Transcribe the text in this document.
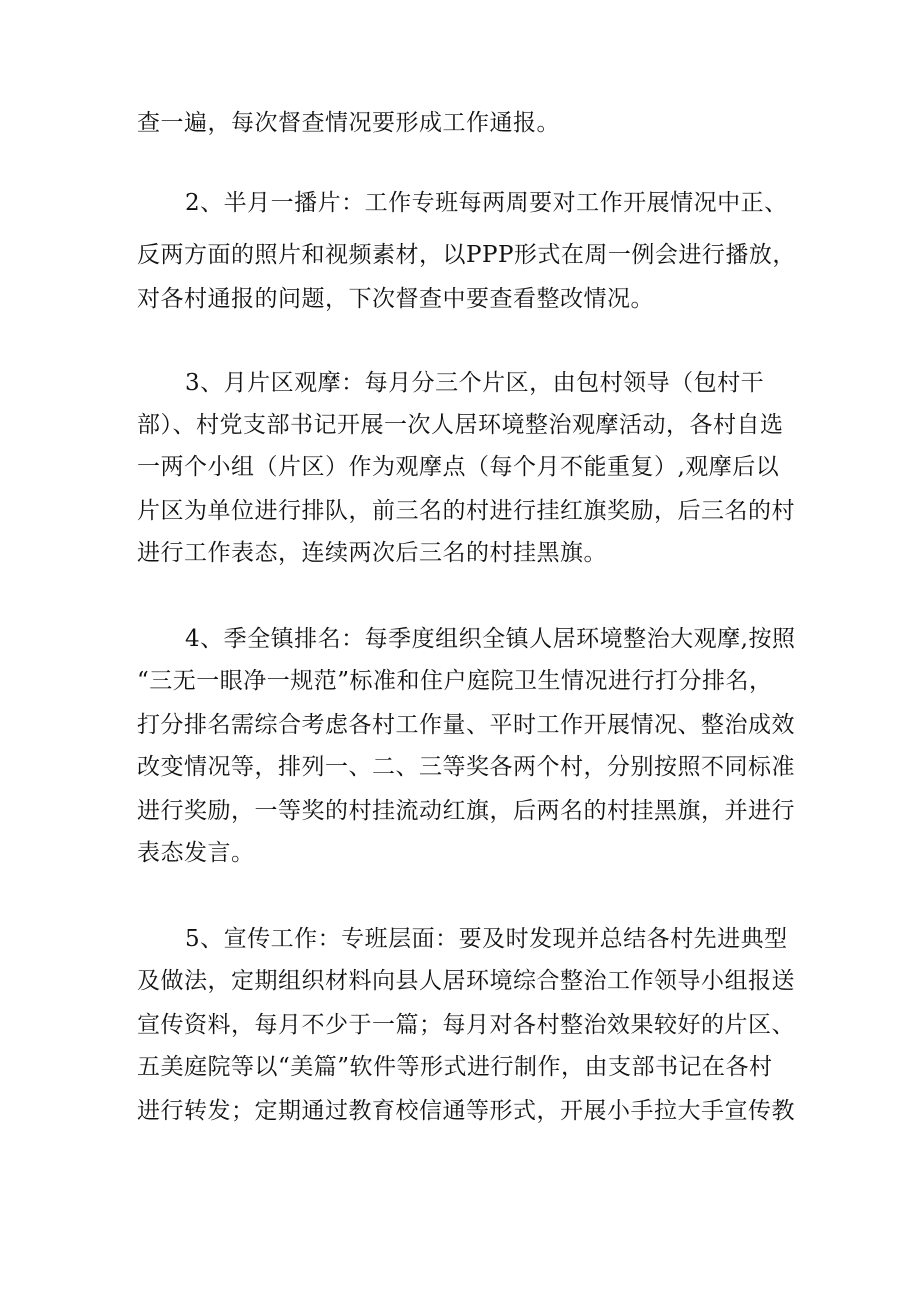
查一遍，每次督查情况要形成工作通报。

2、半月一播片：工作专班每两周要对工作开展情况中正、

反两方面的照片和视频素材，以PPP形式在周一例会进行播放，

对各村通报的问题，下次督查中要查看整改情况。

3、月片区观摩：每月分三个片区，由包村领导（包村干

部）、村党支部书记开展一次人居环境整治观摩活动，各村自选

一两个小组（片区）作为观摩点（每个月不能重复）,观摩后以

片区为单位进行排队，前三名的村进行挂红旗奖励，后三名的村

进行工作表态，连续两次后三名的村挂黑旗。

4、季全镇排名：每季度组织全镇人居环境整治大观摩,按照

“三无一眼净一规范”标准和住户庭院卫生情况进行打分排名，

打分排名需综合考虑各村工作量、平时工作开展情况、整治成效

改变情况等，排列一、二、三等奖各两个村，分别按照不同标准

进行奖励，一等奖的村挂流动红旗，后两名的村挂黑旗，并进行

表态发言。

5、宣传工作：专班层面：要及时发现并总结各村先进典型

及做法，定期组织材料向县人居环境综合整治工作领导小组报送

宣传资料，每月不少于一篇；每月对各村整治效果较好的片区、

五美庭院等以“美篇”软件等形式进行制作，由支部书记在各村

进行转发；定期通过教育校信通等形式，开展小手拉大手宣传教
